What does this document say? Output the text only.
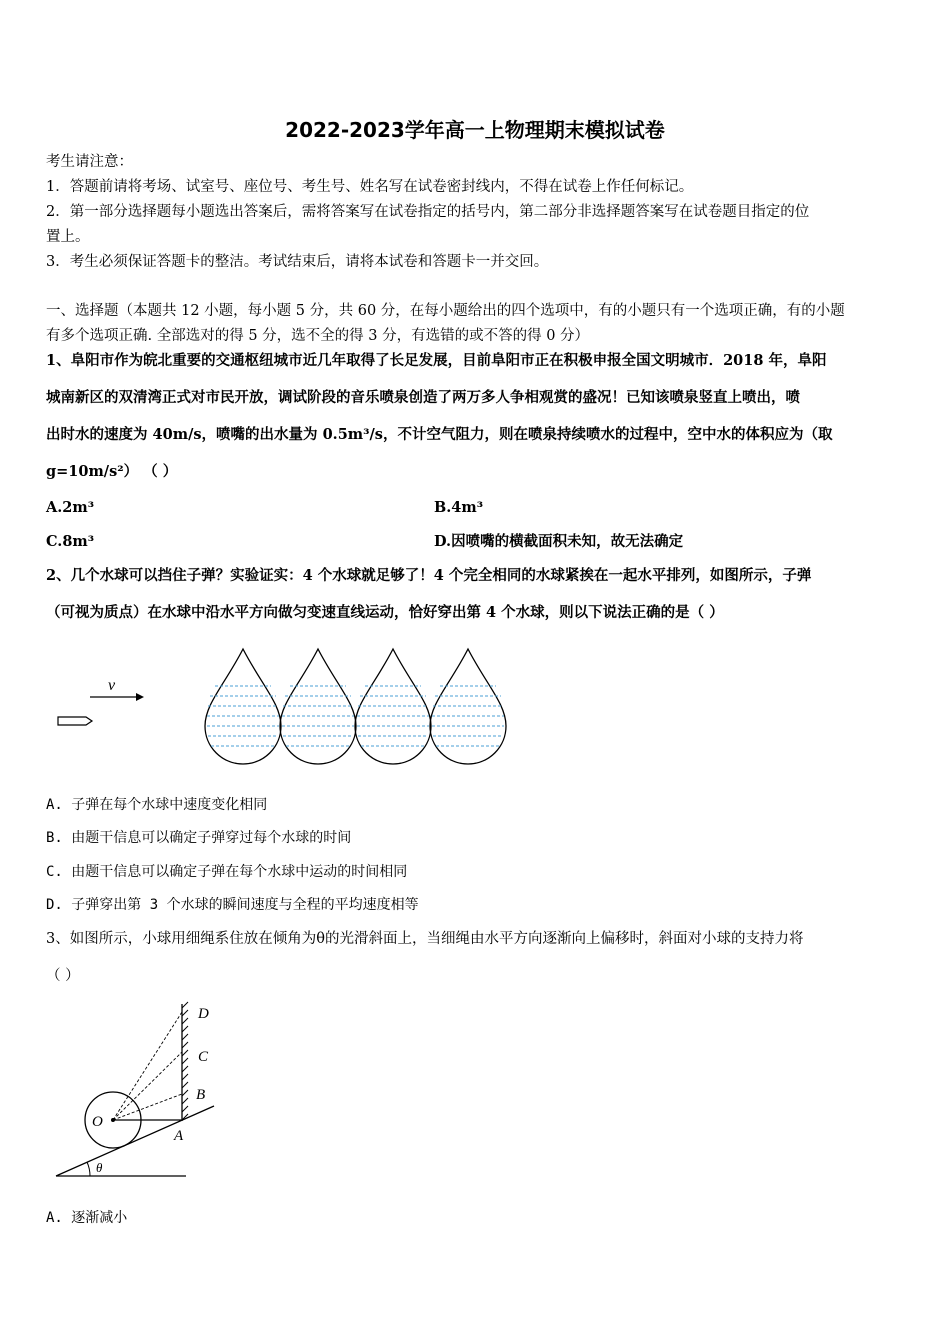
2022-2023学年高一上物理期末模拟试卷
考生请注意：
1．答题前请将考场、试室号、座位号、考生号、姓名写在试卷密封线内，不得在试卷上作任何标记。
2．第一部分选择题每小题选出答案后，需将答案写在试卷指定的括号内，第二部分非选择题答案写在试卷题目指定的位
置上。
3．考生必须保证答题卡的整洁。考试结束后，请将本试卷和答题卡一并交回。
一、选择题（本题共 12 小题，每小题 5 分，共 60 分，在每小题给出的四个选项中，有的小题只有一个选项正确，有的小题
有多个选项正确. 全部选对的得 5 分，选不全的得 3 分，有选错的或不答的得 0 分）
1、阜阳市作为皖北重要的交通枢纽城市近几年取得了长足发展，目前阜阳市正在积极申报全国文明城市．2018 年，阜阳
城南新区的双清湾正式对市民开放，调试阶段的音乐喷泉创造了两万多人争相观赏的盛况！已知该喷泉竖直上喷出，喷
出时水的速度为 40m/s，喷嘴的出水量为 0.5m³/s，不计空气阻力，则在喷泉持续喷水的过程中，空中水的体积应为（取
g=10m/s²） （ ）
A.2m³	B.4m³
C.8m³	D.因喷嘴的横截面积未知，故无法确定
2、几个水球可以挡住子弹？实验证实：4 个水球就足够了！4 个完全相同的水球紧挨在一起水平排列，如图所示，子弹
（可视为质点）在水球中沿水平方向做匀变速直线运动，恰好穿出第 4 个水球，则以下说法正确的是（ ）
v
A. 子弹在每个水球中速度变化相同
B. 由题干信息可以确定子弹穿过每个水球的时间
C. 由题干信息可以确定子弹在每个水球中运动的时间相同
D. 子弹穿出第 3 个水球的瞬间速度与全程的平均速度相等
3、如图所示，小球用细绳系住放在倾角为θ的光滑斜面上，当细绳由水平方向逐渐向上偏移时，斜面对小球的支持力将
（ ）
D
C
B
A
O
θ
A. 逐渐减小
